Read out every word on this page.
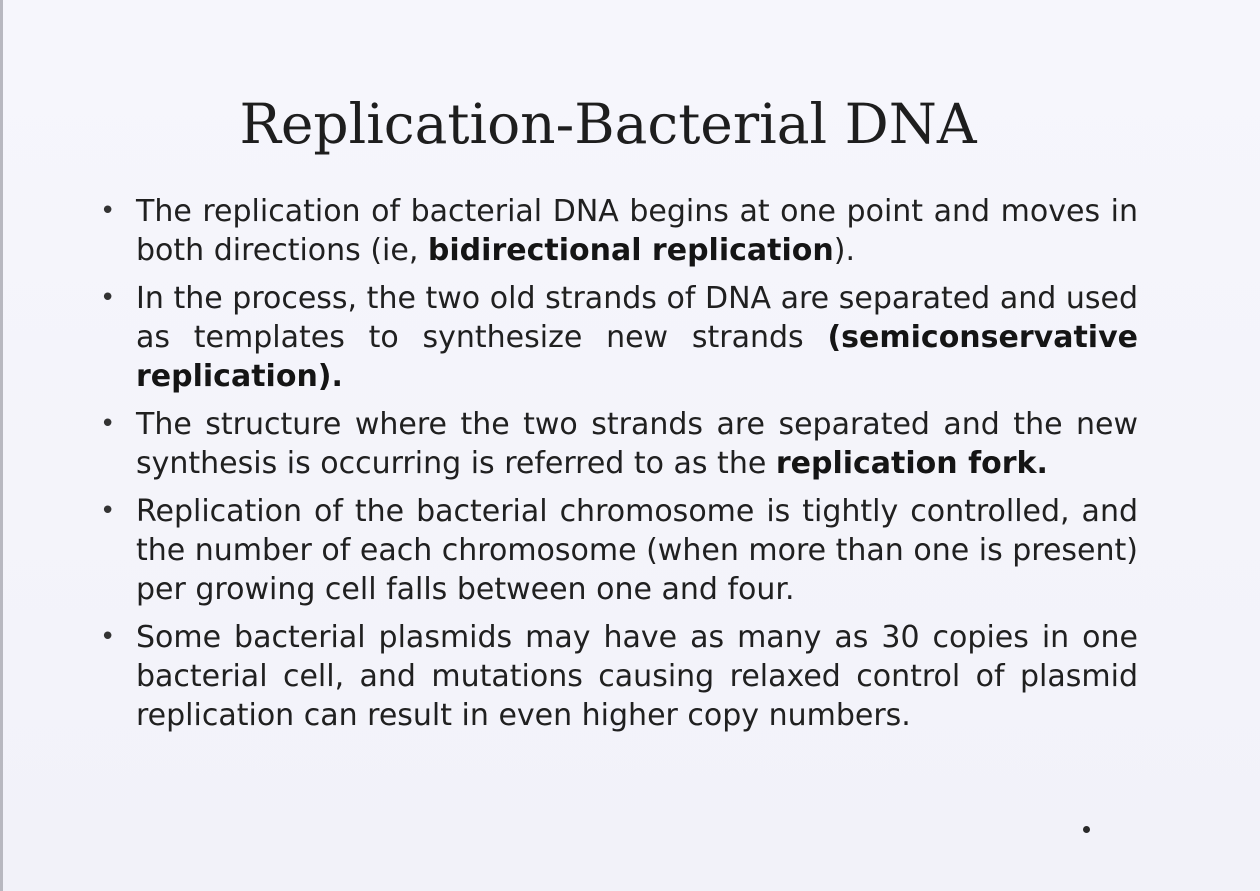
Replication-Bacterial DNA
• The replication of bacterial DNA begins at one point and moves in both directions (ie, bidirectional replication).
• In the process, the two old strands of DNA are separated and used as templates to synthesize new strands (semiconservative replication).
• The structure where the two strands are separated and the new synthesis is occurring is referred to as the replication fork.
• Replication of the bacterial chromosome is tightly controlled, and the number of each chromosome (when more than one is present) per growing cell falls between one and four.
• Some bacterial plasmids may have as many as 30 copies in one bacterial cell, and mutations causing relaxed control of plasmid replication can result in even higher copy numbers.
